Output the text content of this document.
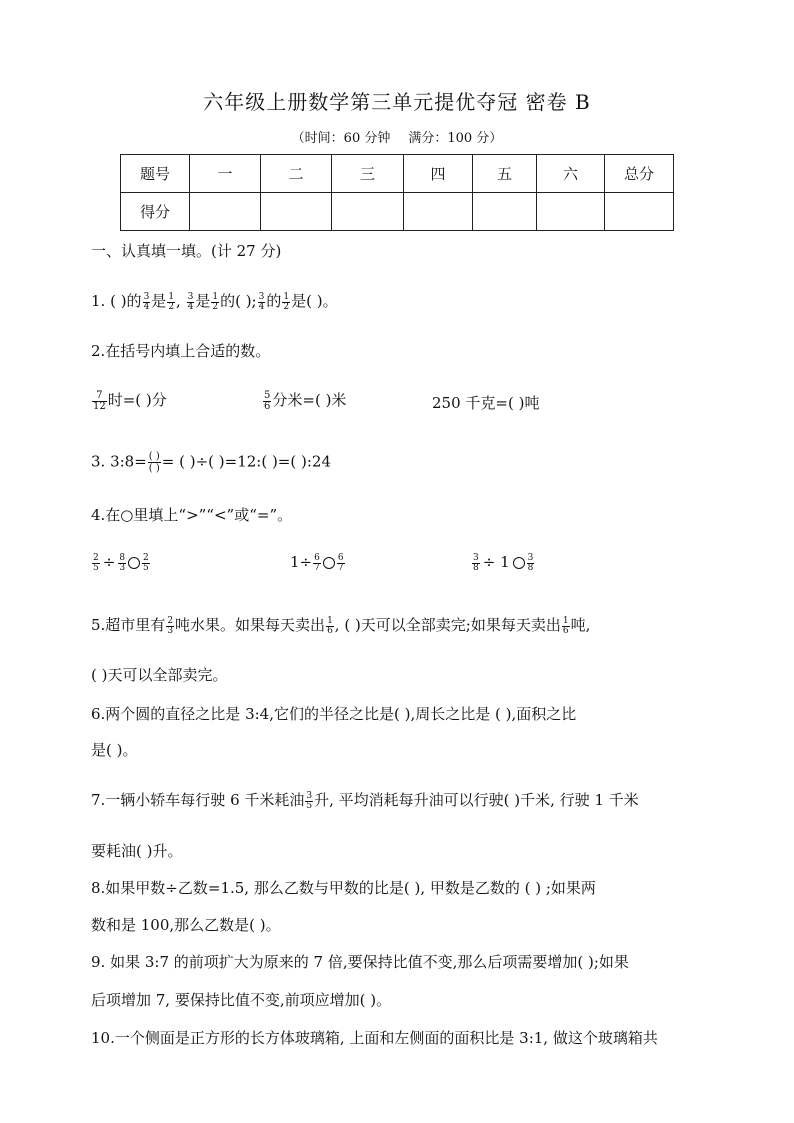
六年级上册数学第三单元提优夺冠 密卷 B
（时间：60 分钟 满分：100 分）
题号	一	二	三	四	五	六	总分
得分							
一、认真填一填。(计 27 分)
1. ( )的 $\frac{3}{4}$ 是 $\frac{1}{2}$ , $\frac{3}{4}$ 是 $\frac{1}{2}$ 的( ); $\frac{3}{4}$ 的 $\frac{1}{2}$ 是( )。
2.在括号内填上合适的数。
$\frac{7}{12}$ 时=( )分	$\frac{5}{6}$ 分米=( )米	250 千克=( )吨
3. 3:8= $\frac{( )}{( )}$ = ( )÷( )=12:( )=( ):24
4.在○里填上“>”“<”或“=”。
$\frac{2}{5} \div \frac{8}{3} \frac{2}{5}$	$1\div \frac{6}{7} \frac{6}{7}$	$\frac{3}{8} \div 1 \frac{3}{8}$
5.超市里有 $\frac{2}{3}$ 吨水果。如果每天卖出 $\frac{1}{6}$ , ( )天可以全部卖完;如果每天卖出 $\frac{1}{6}$ 吨,
( )天可以全部卖完。
6.两个圆的直径之比是 3:4,它们的半径之比是( ),周长之比是 ( ),面积之比
是( )。
7.一辆小轿车每行驶 6 千米耗油 $\frac{3}{5}$ 升, 平均消耗每升油可以行驶( )千米, 行驶 1 千米
要耗油( )升。
8.如果甲数÷乙数=1.5, 那么乙数与甲数的比是( ), 甲数是乙数的 ( ) ;如果两
数和是 100,那么乙数是( )。
9. 如果 3:7 的前项扩大为原来的 7 倍,要保持比值不变,那么后项需要增加( );如果
后项增加 7, 要保持比值不变,前项应增加( )。
10.一个侧面是正方形的长方体玻璃箱, 上面和左侧面的面积比是 3:1, 做这个玻璃箱共
